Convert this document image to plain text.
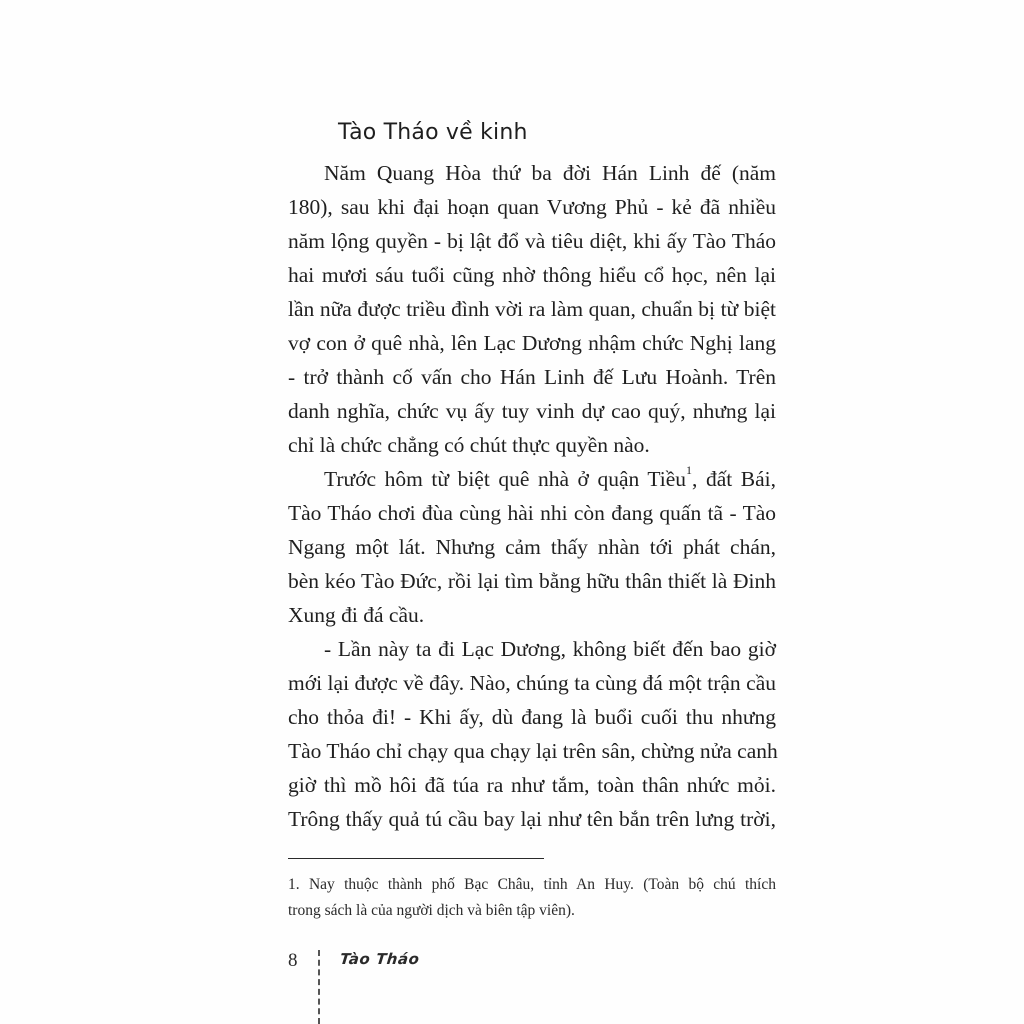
Tào Tháo về kinh
Năm Quang Hòa thứ ba đời Hán Linh đế (năm
180), sau khi đại hoạn quan Vương Phủ - kẻ đã nhiều
năm lộng quyền - bị lật đổ và tiêu diệt, khi ấy Tào Tháo
hai mươi sáu tuổi cũng nhờ thông hiểu cổ học, nên lại
lần nữa được triều đình vời ra làm quan, chuẩn bị từ biệt
vợ con ở quê nhà, lên Lạc Dương nhậm chức Nghị lang
- trở thành cố vấn cho Hán Linh đế Lưu Hoành. Trên
danh nghĩa, chức vụ ấy tuy vinh dự cao quý, nhưng lại
chỉ là chức chẳng có chút thực quyền nào.
Trước hôm từ biệt quê nhà ở quận Tiều$^1$, đất Bái,
Tào Tháo chơi đùa cùng hài nhi còn đang quấn tã - Tào
Ngang một lát. Nhưng cảm thấy nhàn tới phát chán,
bèn kéo Tào Đức, rồi lại tìm bằng hữu thân thiết là Đinh
Xung đi đá cầu.
- Lần này ta đi Lạc Dương, không biết đến bao giờ
mới lại được về đây. Nào, chúng ta cùng đá một trận cầu
cho thỏa đi! - Khi ấy, dù đang là buổi cuối thu nhưng
Tào Tháo chỉ chạy qua chạy lại trên sân, chừng nửa canh
giờ thì mồ hôi đã túa ra như tắm, toàn thân nhức mỏi.
Trông thấy quả tú cầu bay lại như tên bắn trên lưng trời,
1. Nay thuộc thành phố Bạc Châu, tỉnh An Huy. (Toàn bộ chú thích
trong sách là của người dịch và biên tập viên).
8	Tào Tháo
